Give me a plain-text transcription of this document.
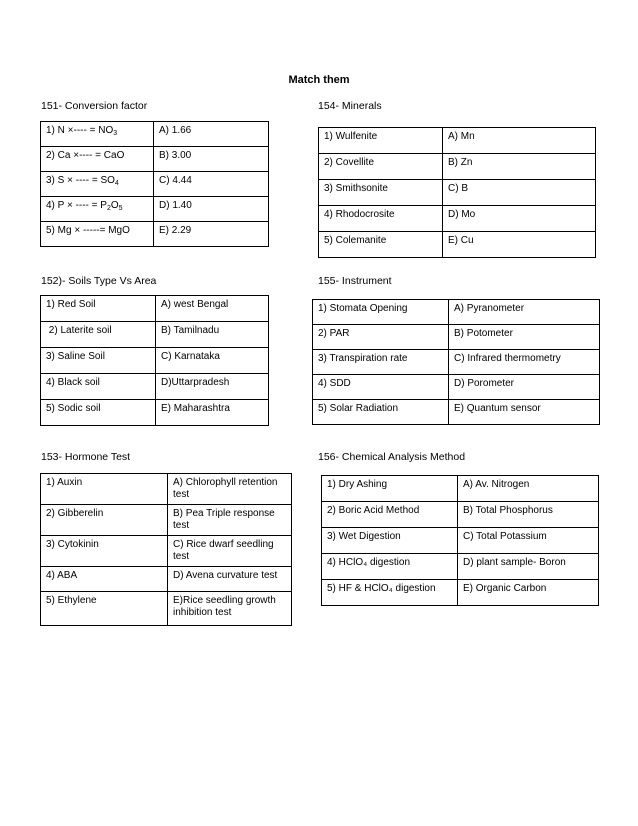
Match them
151- Conversion factor
1) N ×---- = $NO_3$	A) 1.66
2) Ca ×---- = CaO	B) 3.00
3) S × ---- = $SO_4$	C) 4.44
4) P × ---- = $P_2O_5$	D) 1.40
5) Mg × -----= MgO	E) 2.29
154- Minerals
1) Wulfenite	A) Mn
2) Covellite	B) Zn
3) Smithsonite	C) B
4) Rhodocrosite	D) Mo
5) Colemanite	E) Cu
152)- Soils Type Vs Area
1) Red Soil	A) west Bengal
2) Laterite soil	B) Tamilnadu
3) Saline Soil	C) Karnataka
4) Black soil	D)Uttarpradesh
5) Sodic soil	E) Maharashtra
155- Instrument
1) Stomata Opening	A) Pyranometer
2) PAR	B) Potometer
3) Transpiration rate	C) Infrared thermometry
4) SDD	D) Porometer
5) Solar Radiation	E) Quantum sensor
153- Hormone Test
1) Auxin	A) Chlorophyll retention test
2) Gibberelin	B) Pea Triple response test
3) Cytokinin	C) Rice dwarf seedling test
4) ABA	D) Avena curvature test
5) Ethylene	E)Rice seedling growth inhibition test
156- Chemical Analysis Method
1) Dry Ashing	A) Av. Nitrogen
2) Boric Acid Method	B) Total Phosphorus
3) Wet Digestion	C) Total Potassium
4) HClO₄ digestion	D) plant sample- Boron
5) HF & HClO₄ digestion	E) Organic Carbon
